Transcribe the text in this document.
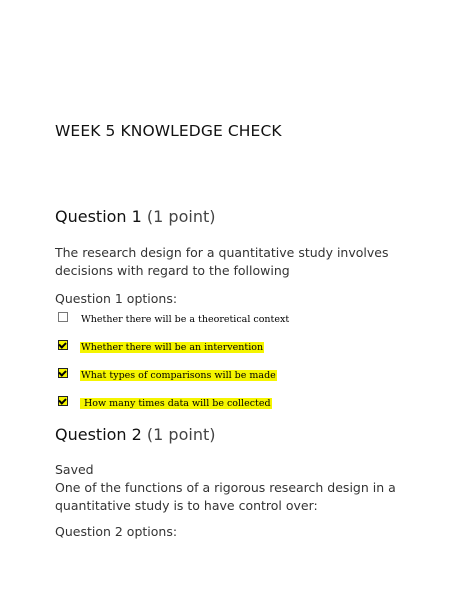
WEEK 5 KNOWLEDGE CHECK
Question 1 (1 point)
The research design for a quantitative study involves decisions with regard to the following
Question 1 options:
Whether there will be a theoretical context
Whether there will be an intervention
What types of comparisons will be made
How many times data will be collected
Question 2 (1 point)
Saved
One of the functions of a rigorous research design in a quantitative study is to have control over:
Question 2 options:
